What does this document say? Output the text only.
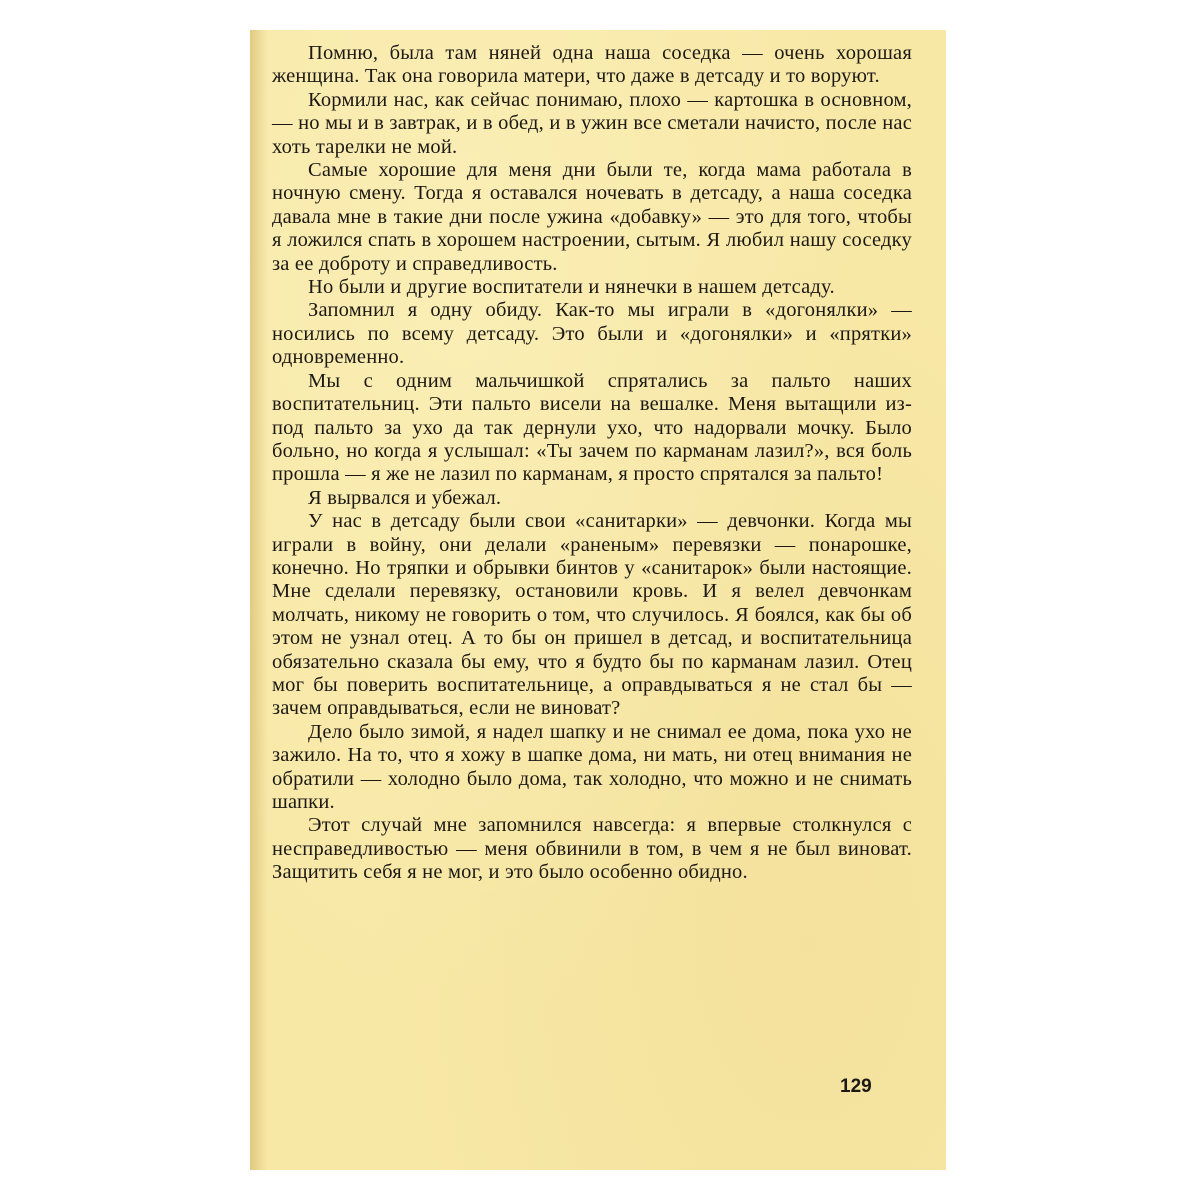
Помню, была там няней одна наша соседка — очень хорошая женщина. Так она говорила матери, что даже в детсаду и то воруют.

Кормили нас, как сейчас понимаю, плохо — картошка в основном, — но мы и в завтрак, и в обед, и в ужин все сметали начисто, после нас хоть тарелки не мой.

Самые хорошие для меня дни были те, когда мама работала в ночную смену. Тогда я оставался ночевать в детсаду, а наша соседка давала мне в такие дни после ужина «добавку» — это для того, чтобы я ложился спать в хорошем настроении, сытым. Я любил нашу соседку за ее доброту и справедливость.

Но были и другие воспитатели и нянечки в нашем детсаду.

Запомнил я одну обиду. Как-то мы играли в «догонялки» — носились по всему детсаду. Это были и «догонялки» и «прятки» одновременно.

Мы с одним мальчишкой спрятались за пальто наших воспитательниц. Эти пальто висели на вешалке. Меня вытащили из-под пальто за ухо да так дернули ухо, что надорвали мочку. Было больно, но когда я услышал: «Ты зачем по карманам лазил?», вся боль прошла — я же не лазил по карманам, я просто спрятался за пальто!

Я вырвался и убежал.

У нас в детсаду были свои «санитарки» — девчонки. Когда мы играли в войну, они делали «раненым» перевязки — понарошке, конечно. Но тряпки и обрывки бинтов у «санитарок» были настоящие. Мне сделали перевязку, остановили кровь. И я велел девчонкам молчать, никому не говорить о том, что случилось. Я боялся, как бы об этом не узнал отец. А то бы он пришел в детсад, и воспитательница обязательно сказала бы ему, что я будто бы по карманам лазил. Отец мог бы поверить воспитательнице, а оправдываться я не стал бы — зачем оправдываться, если не виноват?

Дело было зимой, я надел шапку и не снимал ее дома, пока ухо не зажило. На то, что я хожу в шапке дома, ни мать, ни отец внимания не обратили — холодно было дома, так холодно, что можно и не снимать шапки.

Этот случай мне запомнился навсегда: я впервые столкнулся с несправедливостью — меня обвинили в том, в чем я не был виноват. Защитить себя я не мог, и это было особенно обидно.

129
